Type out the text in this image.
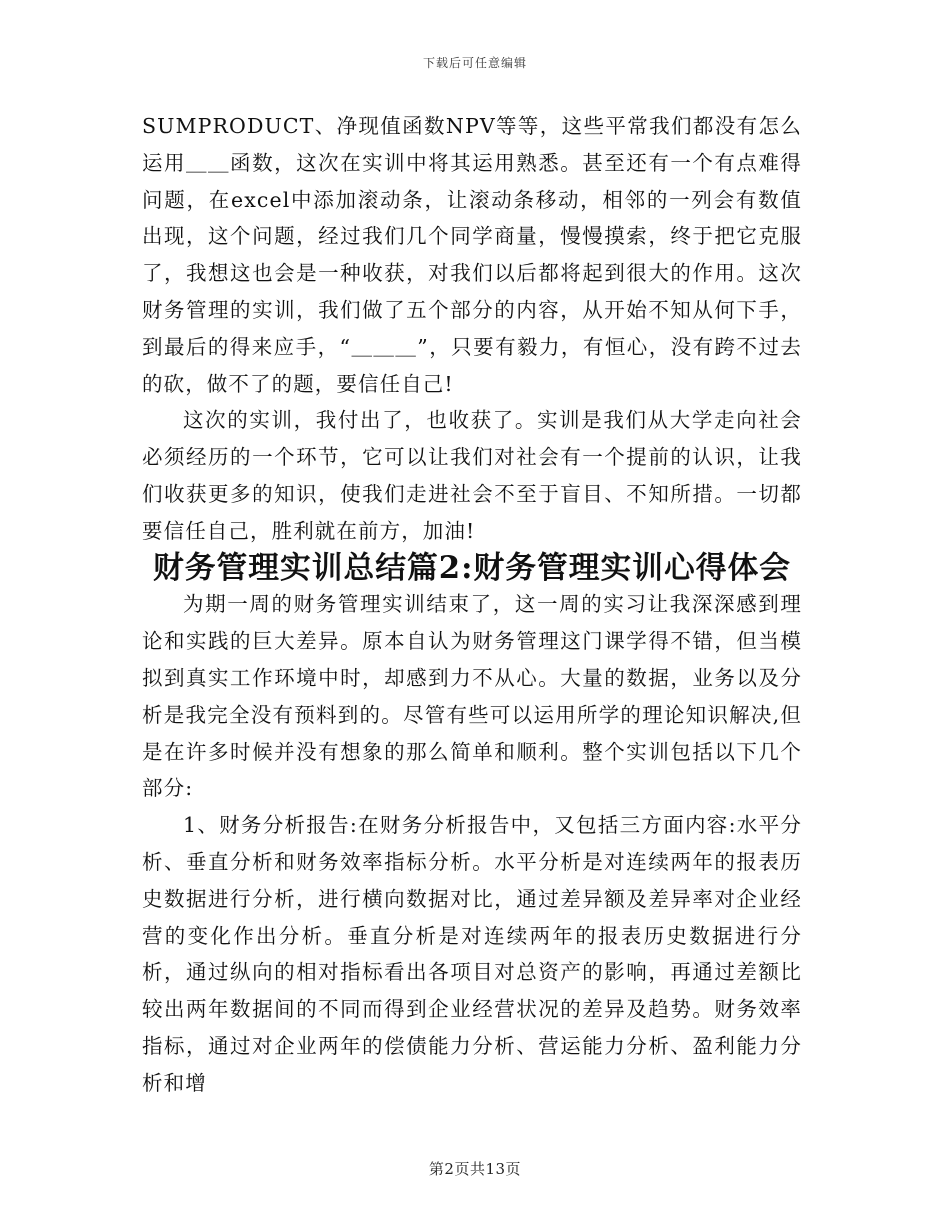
下载后可任意编辑

SUMPRODUCT、净现值函数NPV等等，这些平常我们都没有怎么运用＿＿函数，这次在实训中将其运用熟悉。甚至还有一个有点难得问题，在excel中添加滚动条，让滚动条移动，相邻的一列会有数值出现，这个问题，经过我们几个同学商量，慢慢摸索，终于把它克服了，我想这也会是一种收获，对我们以后都将起到很大的作用。这次财务管理的实训，我们做了五个部分的内容，从开始不知从何下手，到最后的得来应手，“＿＿＿”，只要有毅力，有恒心，没有跨不过去的砍，做不了的题，要信任自己!

这次的实训，我付出了，也收获了。实训是我们从大学走向社会必须经历的一个环节，它可以让我们对社会有一个提前的认识，让我们收获更多的知识，使我们走进社会不至于盲目、不知所措。一切都要信任自己，胜利就在前方，加油!

财务管理实训总结篇2:财务管理实训心得体会

为期一周的财务管理实训结束了，这一周的实习让我深深感到理论和实践的巨大差异。原本自认为财务管理这门课学得不错，但当模拟到真实工作环境中时，却感到力不从心。大量的数据，业务以及分析是我完全没有预料到的。尽管有些可以运用所学的理论知识解决,但是在许多时候并没有想象的那么简单和顺利。整个实训包括以下几个部分:

1、财务分析报告:在财务分析报告中，又包括三方面内容:水平分析、垂直分析和财务效率指标分析。水平分析是对连续两年的报表历史数据进行分析，进行横向数据对比，通过差异额及差异率对企业经营的变化作出分析。垂直分析是对连续两年的报表历史数据进行分析，通过纵向的相对指标看出各项目对总资产的影响，再通过差额比较出两年数据间的不同而得到企业经营状况的差异及趋势。财务效率指标，通过对企业两年的偿债能力分析、营运能力分析、盈利能力分析和增

第2页共13页
